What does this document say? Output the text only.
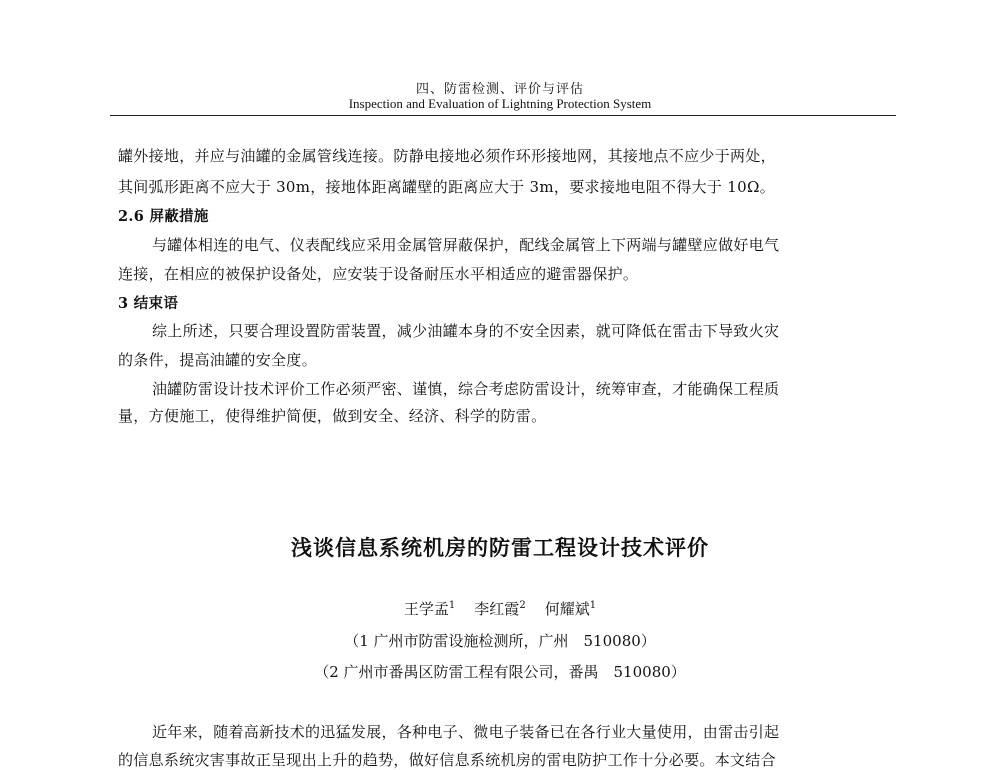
四、防雷检测、评价与评估
Inspection and Evaluation of Lightning Protection System
罐外接地，并应与油罐的金属管线连接。防静电接地必须作环形接地网，其接地点不应少于两处，
其间弧形距离不应大于 30m，接地体距离罐壁的距离应大于 3m，要求接地电阻不得大于 10Ω。
2.6 屏蔽措施
与罐体相连的电气、仪表配线应采用金属管屏蔽保护，配线金属管上下两端与罐壁应做好电气
连接，在相应的被保护设备处，应安装于设备耐压水平相适应的避雷器保护。
3 结束语
综上所述，只要合理设置防雷装置，减少油罐本身的不安全因素，就可降低在雷击下导致火灾
的条件，提高油罐的安全度。
油罐防雷设计技术评价工作必须严密、谨慎，综合考虑防雷设计，统筹审查，才能确保工程质
量，方便施工，使得维护简便，做到安全、经济、科学的防雷。
浅谈信息系统机房的防雷工程设计技术评价
王学孟$^1$ 李红霞$^2$ 何耀斌$^1$
（1 广州市防雷设施检测所，广州　510080）
（2 广州市番禺区防雷工程有限公司，番禺　510080）
近年来，随着高新技术的迅猛发展，各种电子、微电子装备已在各行业大量使用，由雷击引起
的信息系统灾害事故正呈现出上升的趋势，做好信息系统机房的雷电防护工作十分必要。本文结合
